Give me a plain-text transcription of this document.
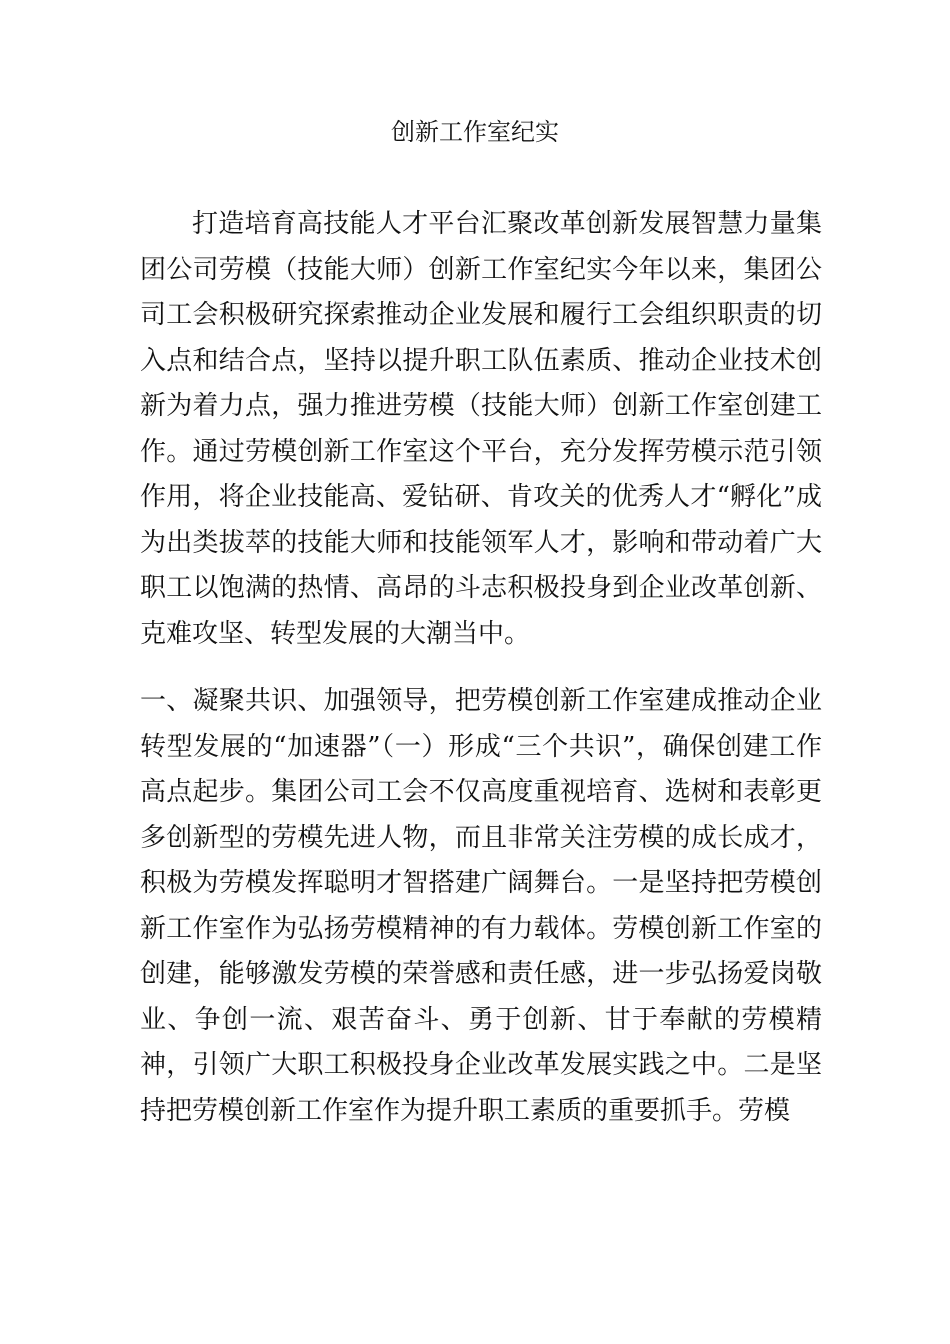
创新工作室纪实

打造培育高技能人才平台汇聚改革创新发展智慧力量集团公司劳模（技能大师）创新工作室纪实今年以来，集团公司工会积极研究探索推动企业发展和履行工会组织职责的切入点和结合点，坚持以提升职工队伍素质、推动企业技术创新为着力点，强力推进劳模（技能大师）创新工作室创建工作。通过劳模创新工作室这个平台，充分发挥劳模示范引领作用，将企业技能高、爱钻研、肯攻关的优秀人才“孵化”成为出类拔萃的技能大师和技能领军人才，影响和带动着广大职工以饱满的热情、高昂的斗志积极投身到企业改革创新、克难攻坚、转型发展的大潮当中。

一、凝聚共识、加强领导，把劳模创新工作室建成推动企业转型发展的“加速器”（一）形成“三个共识”，确保创建工作高点起步。集团公司工会不仅高度重视培育、选树和表彰更多创新型的劳模先进人物，而且非常关注劳模的成长成才，积极为劳模发挥聪明才智搭建广阔舞台。一是坚持把劳模创新工作室作为弘扬劳模精神的有力载体。劳模创新工作室的创建，能够激发劳模的荣誉感和责任感，进一步弘扬爱岗敬业、争创一流、艰苦奋斗、勇于创新、甘于奉献的劳模精神，引领广大职工积极投身企业改革发展实践之中。二是坚持把劳模创新工作室作为提升职工素质的重要抓手。劳模
